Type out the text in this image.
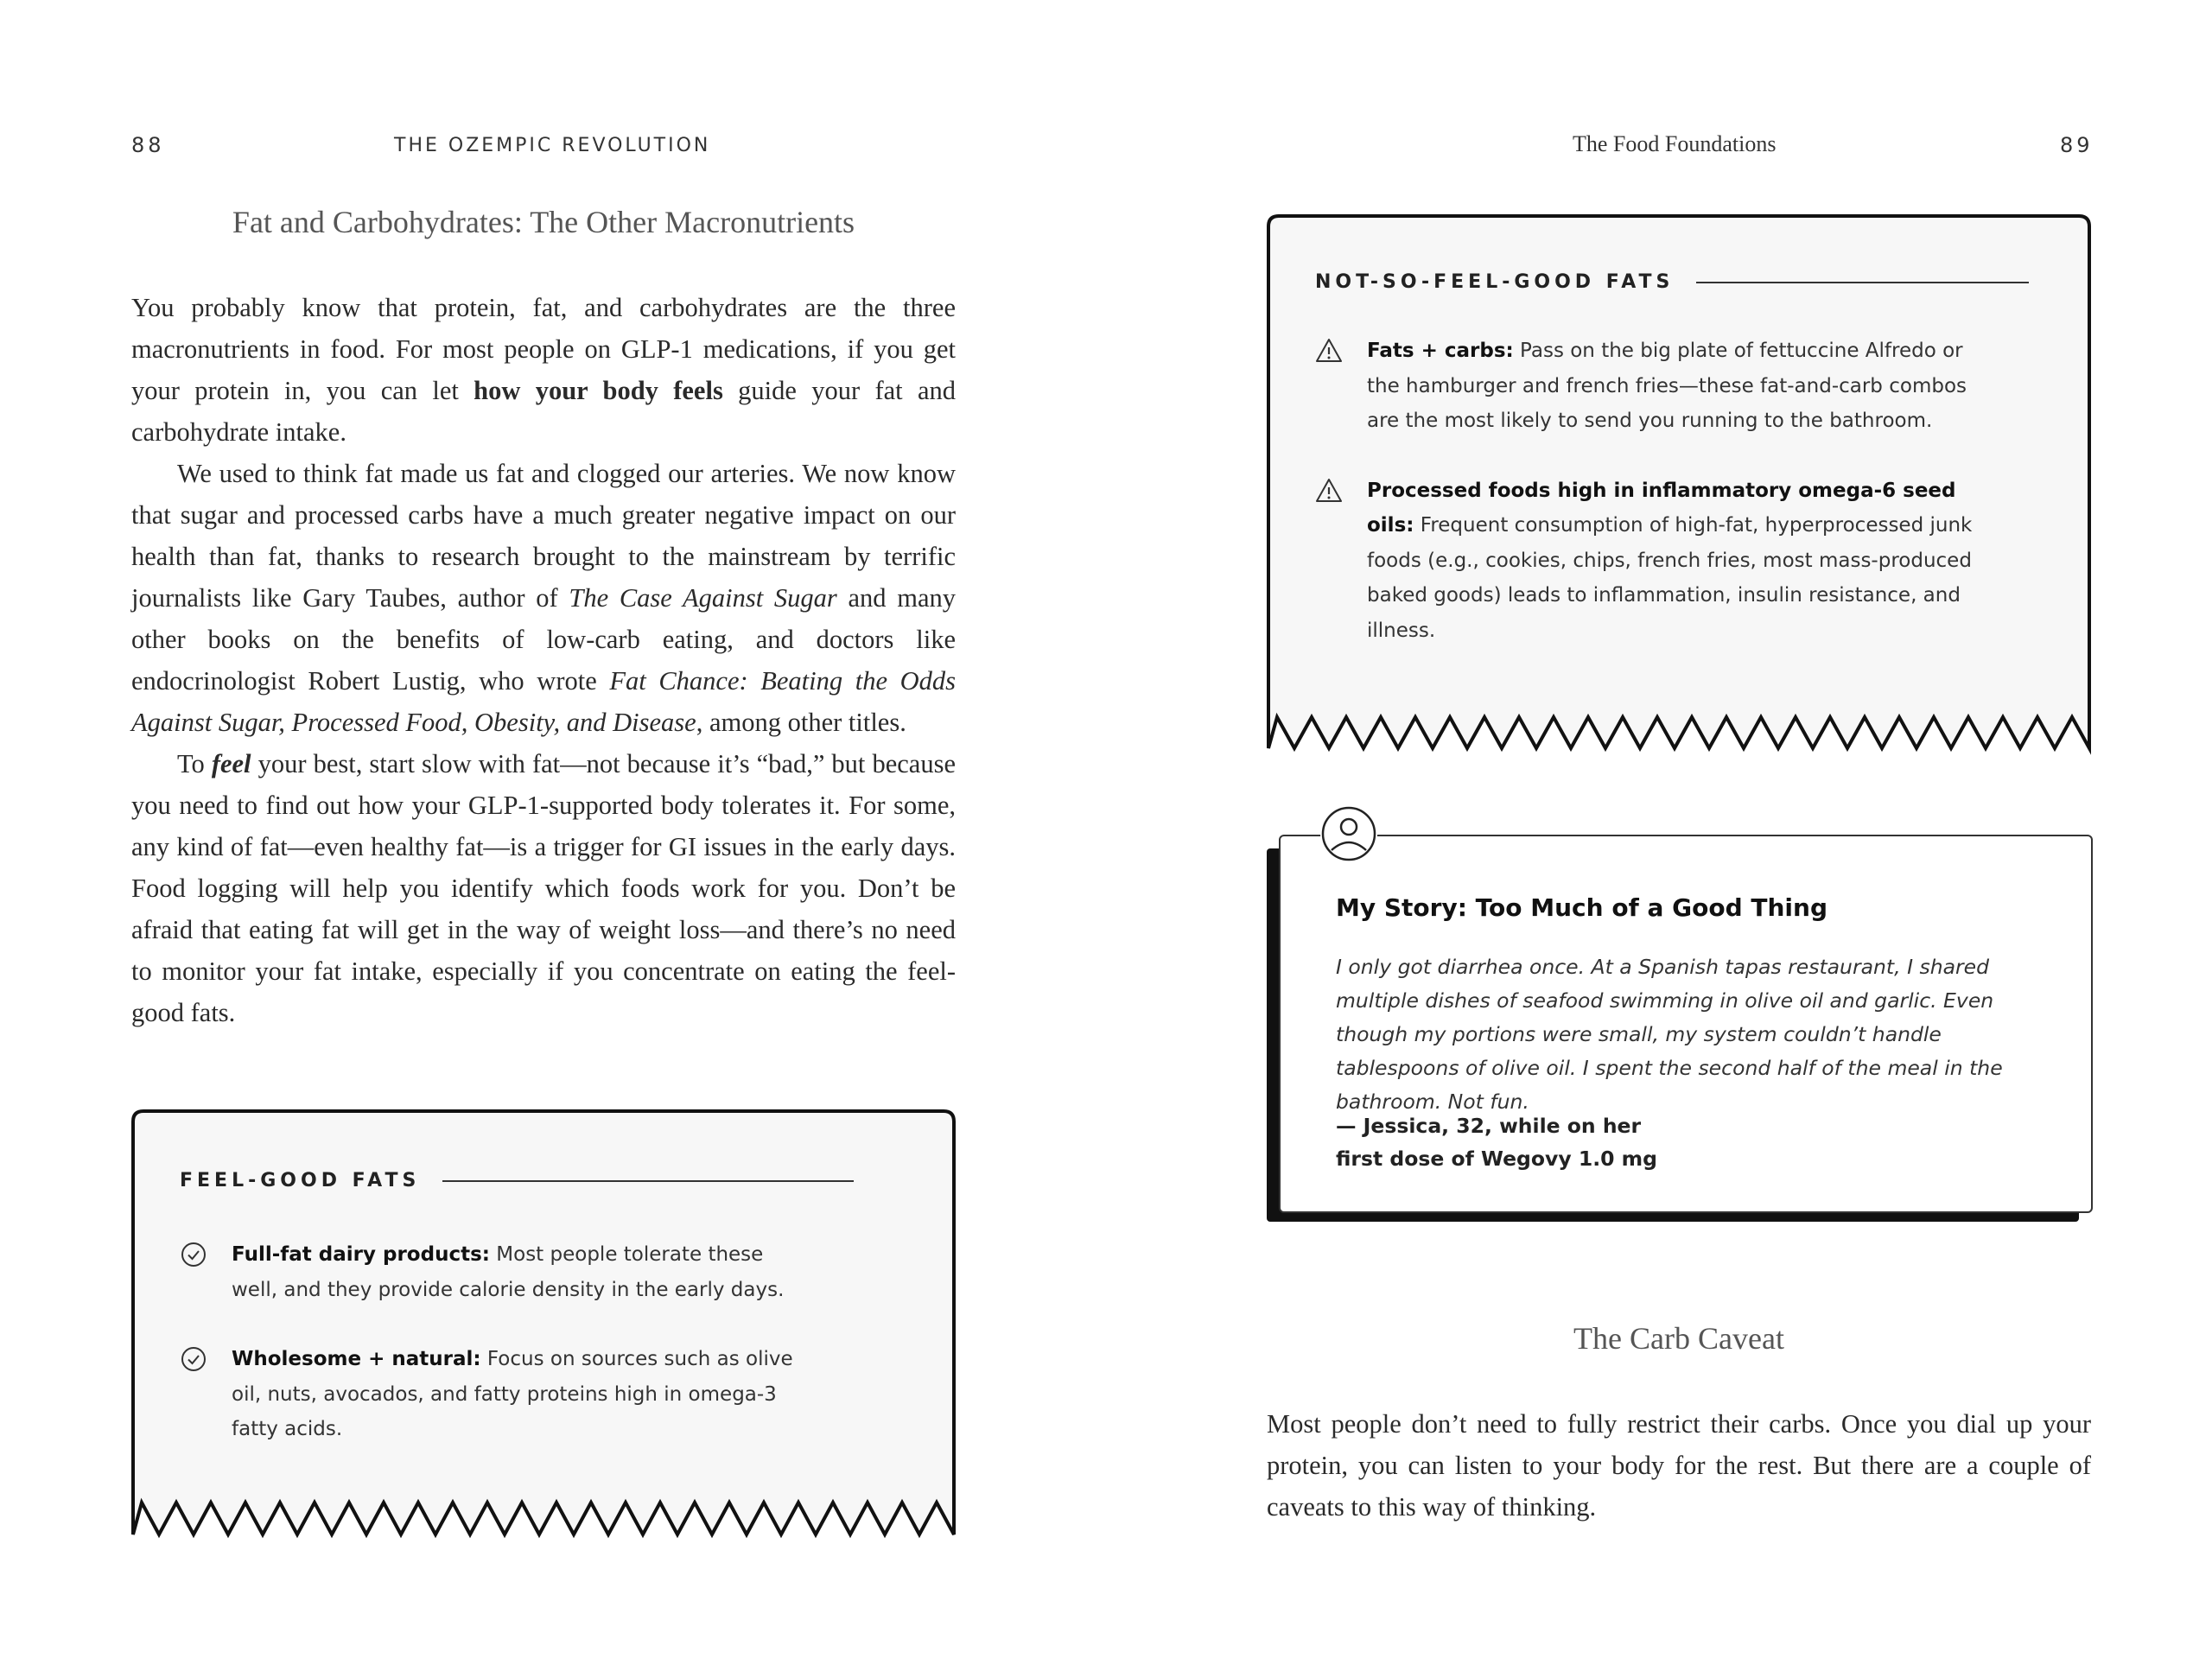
88	THE OZEMPIC REVOLUTION
Fat and Carbohydrates: The Other Macronutrients

You probably know that protein, fat, and carbohydrates are the three macronutrients in food. For most people on GLP-1 medications, if you get your protein in, you can let how your body feels guide your fat and carbohydrate intake.

We used to think fat made us fat and clogged our arteries. We now know that sugar and processed carbs have a much greater negative impact on our health than fat, thanks to research brought to the mainstream by terrific journalists like Gary Taubes, author of The Case Against Sugar and many other books on the benefits of low-carb eating, and doctors like endocrinologist Robert Lustig, who wrote Fat Chance: Beating the Odds Against Sugar, Processed Food, Obesity, and Disease, among other titles.

To feel your best, start slow with fat—not because it’s “bad,” but because you need to find out how your GLP-1-supported body tolerates it. For some, any kind of fat—even healthy fat—is a trigger for GI issues in the early days. Food logging will help you identify which foods work for you. Don’t be afraid that eating fat will get in the way of weight loss—and there’s no need to monitor your fat intake, especially if you concentrate on eating the feel-good fats.

FEEL-GOOD FATS
Full-fat dairy products: Most people tolerate these well, and they provide calorie density in the early days.
Wholesome + natural: Focus on sources such as olive oil, nuts, avocados, and fatty proteins high in omega-3 fatty acids.
The Food Foundations	89
NOT-SO-FEEL-GOOD FATS
Fats + carbs: Pass on the big plate of fettuccine Alfredo or the hamburger and french fries—these fat-and-carb combos are the most likely to send you running to the bathroom.
Processed foods high in inflammatory omega-6 seed oils: Frequent consumption of high-fat, hyperprocessed junk foods (e.g., cookies, chips, french fries, most mass-produced baked goods) leads to inflammation, insulin resistance, and illness.
My Story: Too Much of a Good Thing
I only got diarrhea once. At a Spanish tapas restaurant, I shared multiple dishes of seafood swimming in olive oil and garlic. Even though my portions were small, my system couldn’t handle tablespoons of olive oil. I spent the second half of the meal in the bathroom. Not fun.
— Jessica, 32, while on her
first dose of Wegovy 1.0 mg
The Carb Caveat

Most people don’t need to fully restrict their carbs. Once you dial up your protein, you can listen to your body for the rest. But there are a couple of caveats to this way of thinking.
